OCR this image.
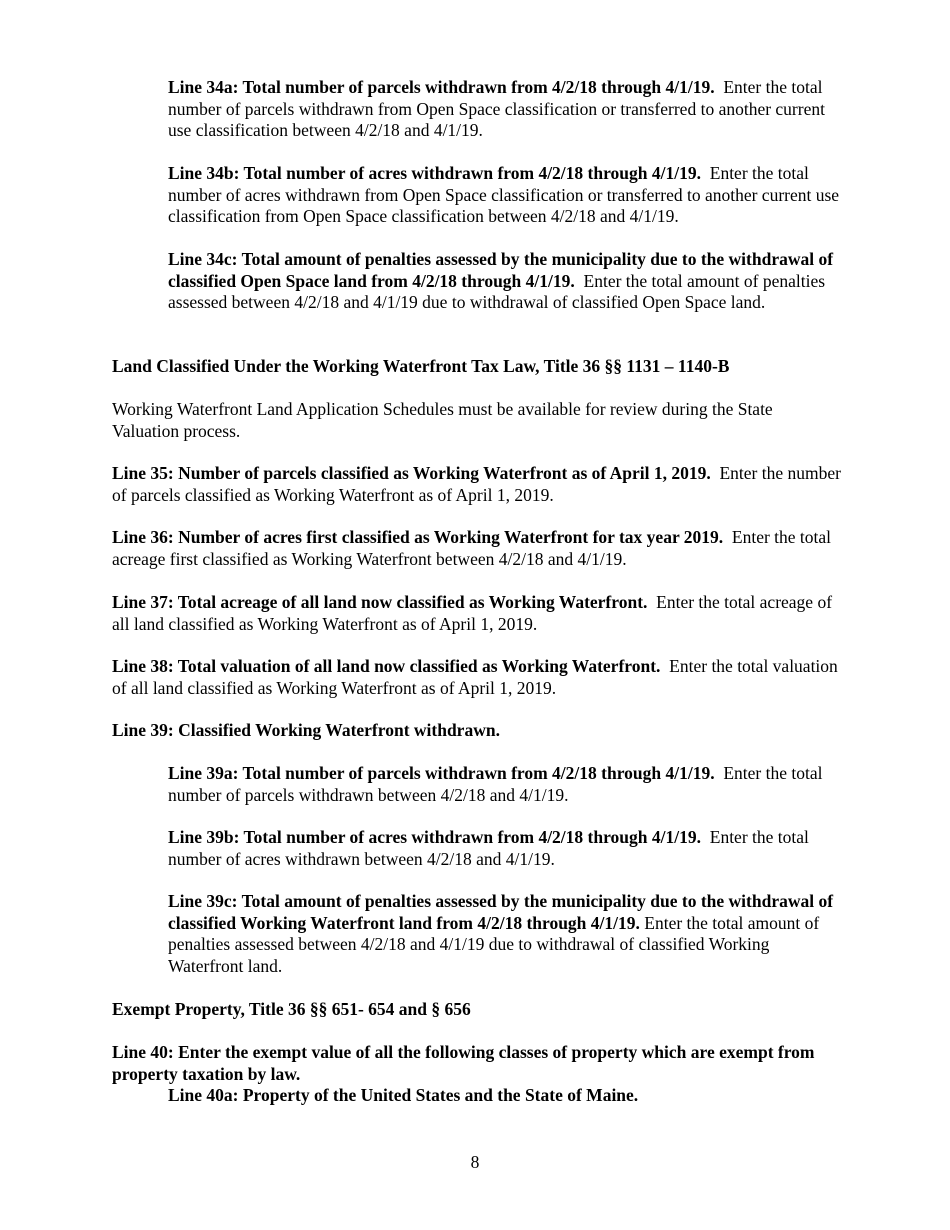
Line 34a: Total number of parcels withdrawn from 4/2/18 through 4/1/19. Enter the total number of parcels withdrawn from Open Space classification or transferred to another current use classification between 4/2/18 and 4/1/19.

Line 34b: Total number of acres withdrawn from 4/2/18 through 4/1/19. Enter the total number of acres withdrawn from Open Space classification or transferred to another current use classification from Open Space classification between 4/2/18 and 4/1/19.

Line 34c: Total amount of penalties assessed by the municipality due to the withdrawal of classified Open Space land from 4/2/18 through 4/1/19. Enter the total amount of penalties assessed between 4/2/18 and 4/1/19 due to withdrawal of classified Open Space land.

Land Classified Under the Working Waterfront Tax Law, Title 36 §§ 1131 – 1140-B

Working Waterfront Land Application Schedules must be available for review during the State Valuation process.

Line 35: Number of parcels classified as Working Waterfront as of April 1, 2019. Enter the number of parcels classified as Working Waterfront as of April 1, 2019.

Line 36: Number of acres first classified as Working Waterfront for tax year 2019. Enter the total acreage first classified as Working Waterfront between 4/2/18 and 4/1/19.

Line 37: Total acreage of all land now classified as Working Waterfront. Enter the total acreage of all land classified as Working Waterfront as of April 1, 2019.

Line 38: Total valuation of all land now classified as Working Waterfront. Enter the total valuation of all land classified as Working Waterfront as of April 1, 2019.

Line 39: Classified Working Waterfront withdrawn.

Line 39a: Total number of parcels withdrawn from 4/2/18 through 4/1/19. Enter the total number of parcels withdrawn between 4/2/18 and 4/1/19.

Line 39b: Total number of acres withdrawn from 4/2/18 through 4/1/19. Enter the total number of acres withdrawn between 4/2/18 and 4/1/19.

Line 39c: Total amount of penalties assessed by the municipality due to the withdrawal of classified Working Waterfront land from 4/2/18 through 4/1/19. Enter the total amount of penalties assessed between 4/2/18 and 4/1/19 due to withdrawal of classified Working Waterfront land.

Exempt Property, Title 36 §§ 651- 654 and § 656

Line 40: Enter the exempt value of all the following classes of property which are exempt from property taxation by law.

Line 40a: Property of the United States and the State of Maine.

8
